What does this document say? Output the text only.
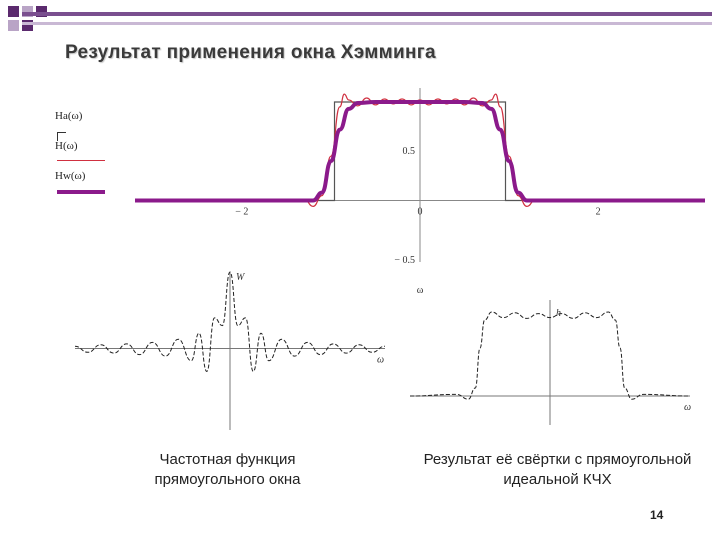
Результат применения окна Хэмминга
Hа(ω)
H(ω)
Hw(ω)
− 2	0	2
0.5
− 0.5
ω
W
ω
h
ω
Частотная функция прямоугольного окна
Результат её свёртки с прямоугольной идеальной КЧХ
14
